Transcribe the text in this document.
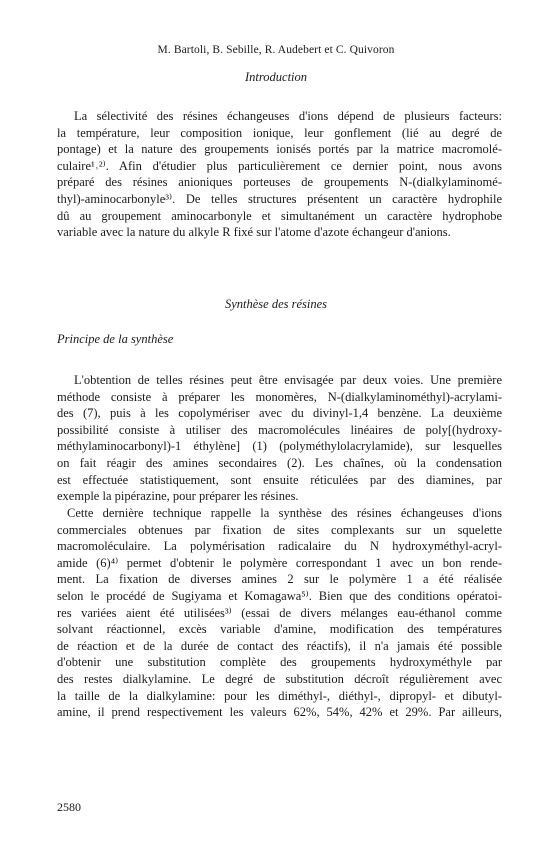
M. Bartoli, B. Sebille, R. Audebert et C. Quivoron
Introduction
La sélectivité des résines échangeuses d'ions dépend de plusieurs facteurs:
la température, leur composition ionique, leur gonflement (lié au degré de
pontage) et la nature des groupements ionisés portés par la matrice macromolé-
culaire¹˒²⁾. Afin d'étudier plus particulièrement ce dernier point, nous avons
préparé des résines anioniques porteuses de groupements N-(dialkylaminomé-
thyl)-aminocarbonyle³⁾. De telles structures présentent un caractère hydrophile
dû au groupement aminocarbonyle et simultanément un caractère hydrophobe
variable avec la nature du alkyle R fixé sur l'atome d'azote échangeur d'anions.
Synthèse des résines
Principe de la synthèse
L'obtention de telles résines peut être envisagée par deux voies. Une première
méthode consiste à préparer les monomères, N-(dialkylaminométhyl)-acrylami-
des (7), puis à les copolymériser avec du divinyl-1,4 benzène. La deuxième
possibilité consiste à utiliser des macromolécules linéaires de poly[(hydroxy-
méthylaminocarbonyl)-1 éthylène] (1) (polyméthylolacrylamide), sur lesquelles
on fait réagir des amines secondaires (2). Les chaînes, où la condensation
est effectuée statistiquement, sont ensuite réticulées par des diamines, par
exemple la pipérazine, pour préparer les résines.
Cette dernière technique rappelle la synthèse des résines échangeuses d'ions
commerciales obtenues par fixation de sites complexants sur un squelette
macromoléculaire. La polymérisation radicalaire du N hydroxyméthyl-acryl-
amide (6)⁴⁾ permet d'obtenir le polymère correspondant 1 avec un bon rende-
ment. La fixation de diverses amines 2 sur le polymère 1 a été réalisée
selon le procédé de Sugiyama et Komagawa⁵⁾. Bien que des conditions opératoi-
res variées aient été utilisées³⁾ (essai de divers mélanges eau-éthanol comme
solvant réactionnel, excès variable d'amine, modification des températures
de réaction et de la durée de contact des réactifs), il n'a jamais été possible
d'obtenir une substitution complète des groupements hydroxyméthyle par
des restes dialkylamine. Le degré de substitution décroît régulièrement avec
la taille de la dialkylamine: pour les diméthyl-, diéthyl-, dipropyl- et dibutyl-
amine, il prend respectivement les valeurs 62%, 54%, 42% et 29%. Par ailleurs,
2580
